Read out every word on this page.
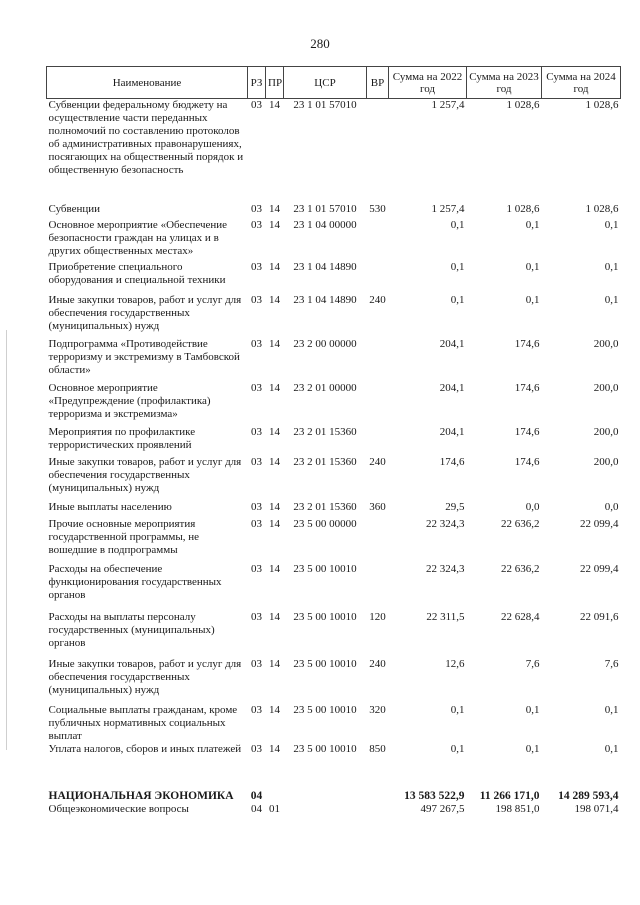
280
Наименование	РЗ	ПР	ЦСР	ВР	Сумма на 2022 год	Сумма на 2023 год	Сумма на 2024 год
Субвенции федеральному бюджету на осуществление части переданных полномочий по составлению протоколов об административных правонарушениях, посягающих на общественный порядок и общественную безопасность	03	14	23 1 01 57010		1 257,4	1 028,6	1 028,6
Субвенции	03	14	23 1 01 57010	530	1 257,4	1 028,6	1 028,6
Основное мероприятие «Обеспечение безопасности граждан на улицах и в других общественных местах»	03	14	23 1 04 00000		0,1	0,1	0,1
Приобретение специального оборудования и специальной техники	03	14	23 1 04 14890		0,1	0,1	0,1
Иные закупки товаров, работ и услуг для обеспечения государственных (муниципальных) нужд	03	14	23 1 04 14890	240	0,1	0,1	0,1
Подпрограмма «Противодействие терроризму и экстремизму в Тамбовской области»	03	14	23 2 00 00000		204,1	174,6	200,0
Основное мероприятие «Предупреждение (профилактика) терроризма и экстремизма»	03	14	23 2 01 00000		204,1	174,6	200,0
Мероприятия по профилактике террористических проявлений	03	14	23 2 01 15360		204,1	174,6	200,0
Иные закупки товаров, работ и услуг для обеспечения государственных (муниципальных) нужд	03	14	23 2 01 15360	240	174,6	174,6	200,0
Иные выплаты населению	03	14	23 2 01 15360	360	29,5	0,0	0,0
Прочие основные мероприятия государственной программы, не вошедшие в подпрограммы	03	14	23 5 00 00000		22 324,3	22 636,2	22 099,4
Расходы на обеспечение функционирования государственных органов	03	14	23 5 00 10010		22 324,3	22 636,2	22 099,4
Расходы на выплаты персоналу государственных (муниципальных) органов	03	14	23 5 00 10010	120	22 311,5	22 628,4	22 091,6
Иные закупки товаров, работ и услуг для обеспечения государственных (муниципальных) нужд	03	14	23 5 00 10010	240	12,6	7,6	7,6
Социальные выплаты гражданам, кроме публичных нормативных социальных выплат	03	14	23 5 00 10010	320	0,1	0,1	0,1
Уплата налогов, сборов и иных платежей	03	14	23 5 00 10010	850	0,1	0,1	0,1
НАЦИОНАЛЬНАЯ ЭКОНОМИКА	04				13 583 522,9	11 266 171,0	14 289 593,4
Общеэкономические вопросы	04	01			497 267,5	198 851,0	198 071,4
